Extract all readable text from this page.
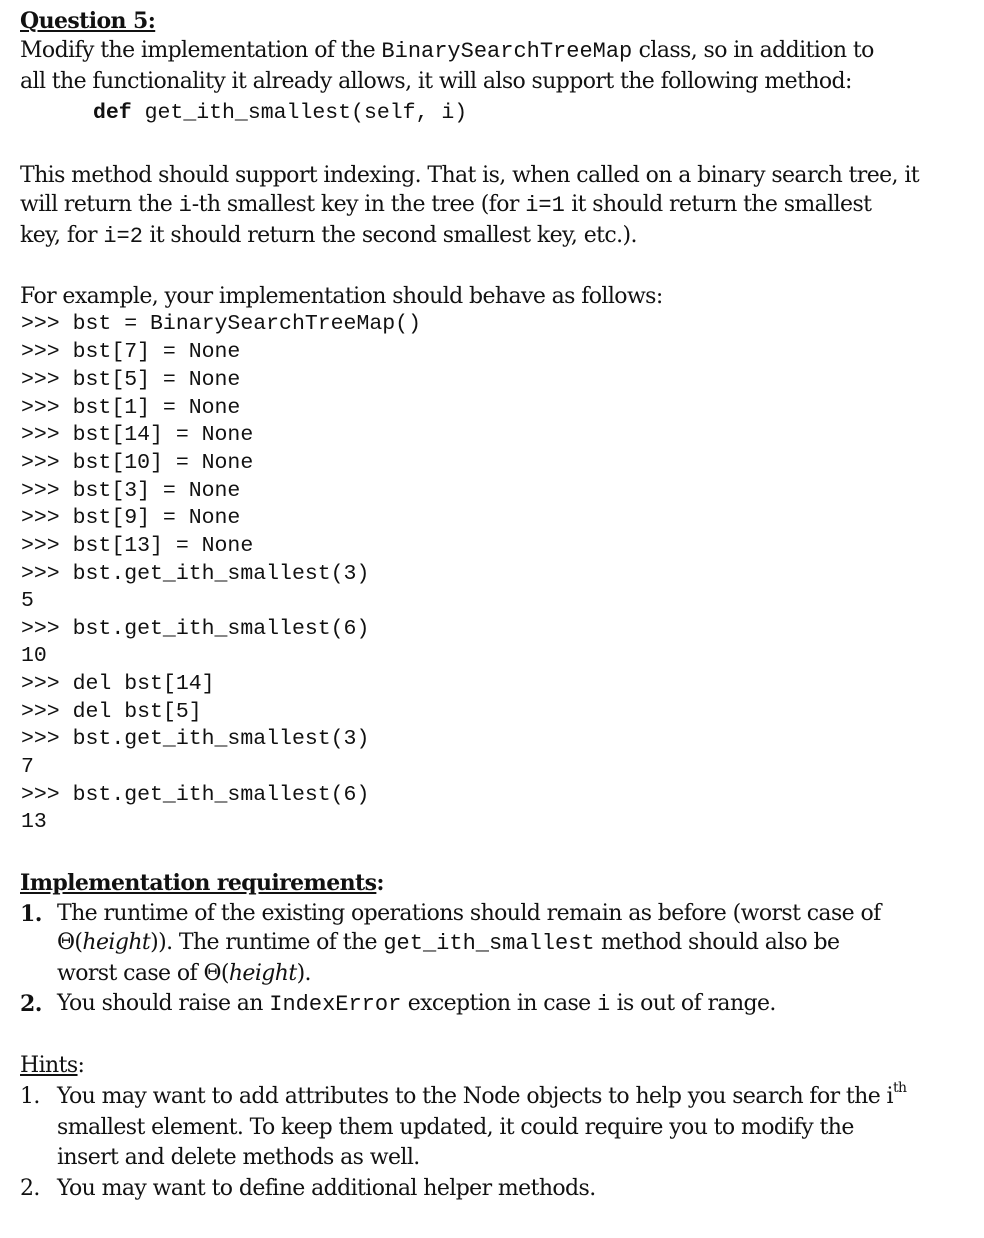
Question 5:
Modify the implementation of the BinarySearchTreeMap class, so in addition to
all the functionality it already allows, it will also support the following method:
def get_ith_smallest(self, i)
This method should support indexing. That is, when called on a binary search tree, it
will return the i-th smallest key in the tree (for i=1 it should return the smallest
key, for i=2 it should return the second smallest key, etc.).
For example, your implementation should behave as follows:
>>> bst = BinarySearchTreeMap()
>>> bst[7] = None
>>> bst[5] = None
>>> bst[1] = None
>>> bst[14] = None
>>> bst[10] = None
>>> bst[3] = None
>>> bst[9] = None
>>> bst[13] = None
>>> bst.get_ith_smallest(3)
5
>>> bst.get_ith_smallest(6)
10
>>> del bst[14]
>>> del bst[5]
>>> bst.get_ith_smallest(3)
7
>>> bst.get_ith_smallest(6)
13
Implementation requirements:
1. The runtime of the existing operations should remain as before (worst case of
Θ(height)). The runtime of the get_ith_smallest method should also be
worst case of Θ(height).
2. You should raise an IndexError exception in case i is out of range.
Hints:
1. You may want to add attributes to the Node objects to help you search for the $i^{th}$
smallest element. To keep them updated, it could require you to modify the
insert and delete methods as well.
2. You may want to define additional helper methods.
